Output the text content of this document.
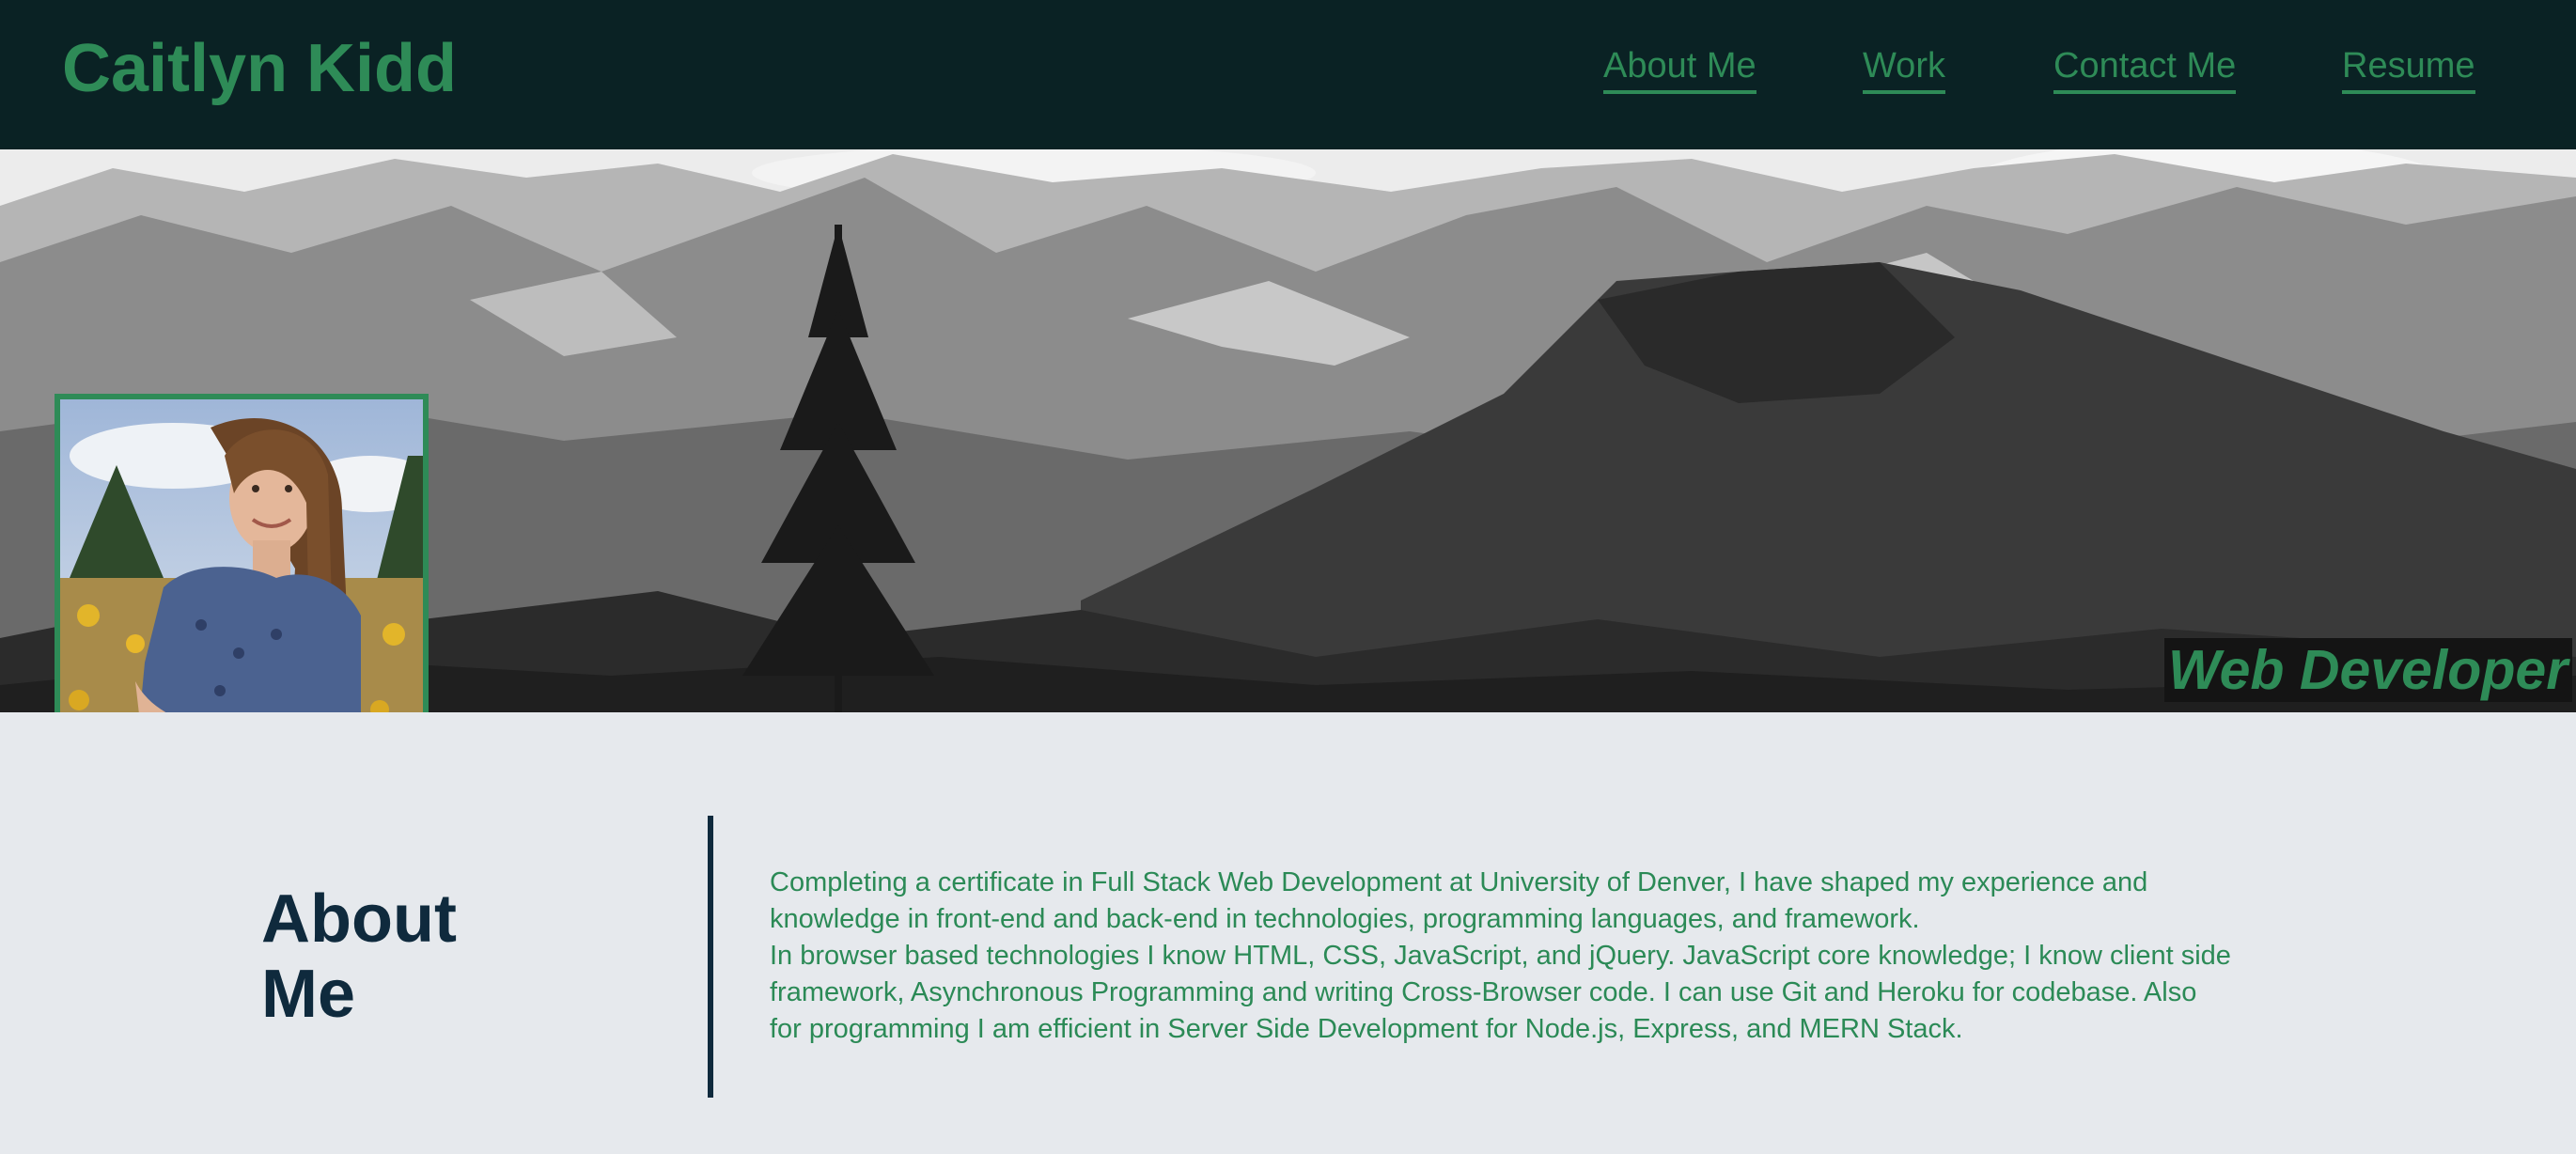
Caitlyn Kidd	About Me	Work	Contact Me	Resume
Web Developer
About Me

Completing a certificate in Full Stack Web Development at University of Denver, I have shaped my experience and knowledge in front-end and back-end in technologies, programming languages, and framework.

In browser based technologies I know HTML, CSS, JavaScript, and jQuery. JavaScript core knowledge; I know client side framework, Asynchronous Programming and writing Cross-Browser code. I can use Git and Heroku for codebase. Also for programming I am efficient in Server Side Development for Node.js, Express, and MERN Stack.
